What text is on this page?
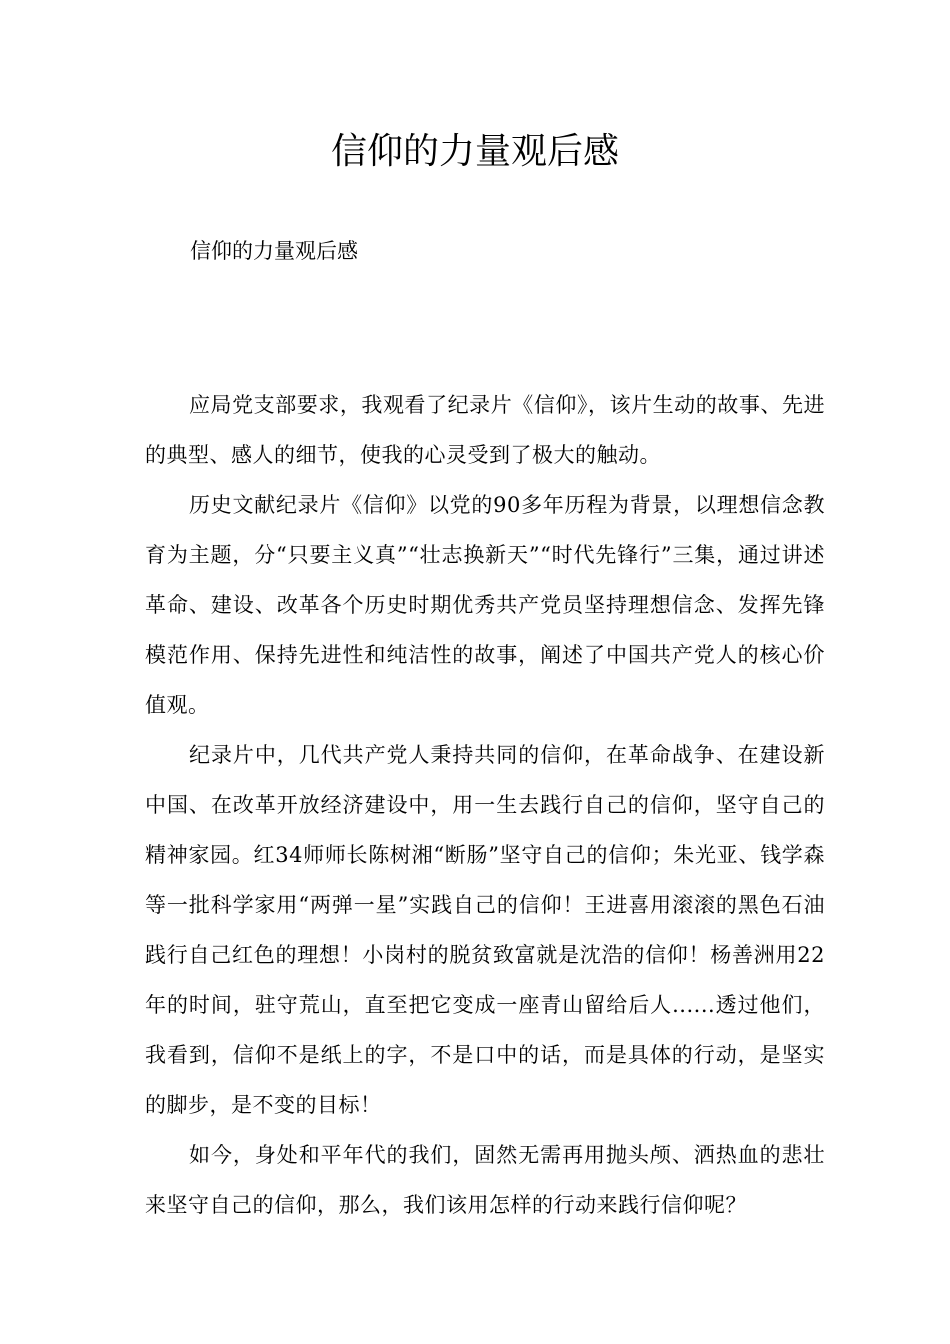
信仰的力量观后感

信仰的力量观后感

应局党支部要求，我观看了纪录片《信仰》，该片生动的故事、先进的典型、感人的细节，使我的心灵受到了极大的触动。

历史文献纪录片《信仰》以党的90多年历程为背景，以理想信念教育为主题，分“只要主义真”“壮志换新天”“时代先锋行”三集，通过讲述革命、建设、改革各个历史时期优秀共产党员坚持理想信念、发挥先锋模范作用、保持先进性和纯洁性的故事，阐述了中国共产党人的核心价值观。

纪录片中，几代共产党人秉持共同的信仰，在革命战争、在建设新中国、在改革开放经济建设中，用一生去践行自己的信仰，坚守自己的精神家园。红34师师长陈树湘“断肠”坚守自己的信仰；朱光亚、钱学森等一批科学家用“两弹一星”实践自己的信仰！王进喜用滚滚的黑色石油践行自己红色的理想！小岗村的脱贫致富就是沈浩的信仰！杨善洲用22年的时间，驻守荒山，直至把它变成一座青山留给后人......透过他们，我看到，信仰不是纸上的字，不是口中的话，而是具体的行动，是坚实的脚步，是不变的目标！

如今，身处和平年代的我们，固然无需再用抛头颅、洒热血的悲壮来坚守自己的信仰，那么，我们该用怎样的行动来践行信仰呢？
